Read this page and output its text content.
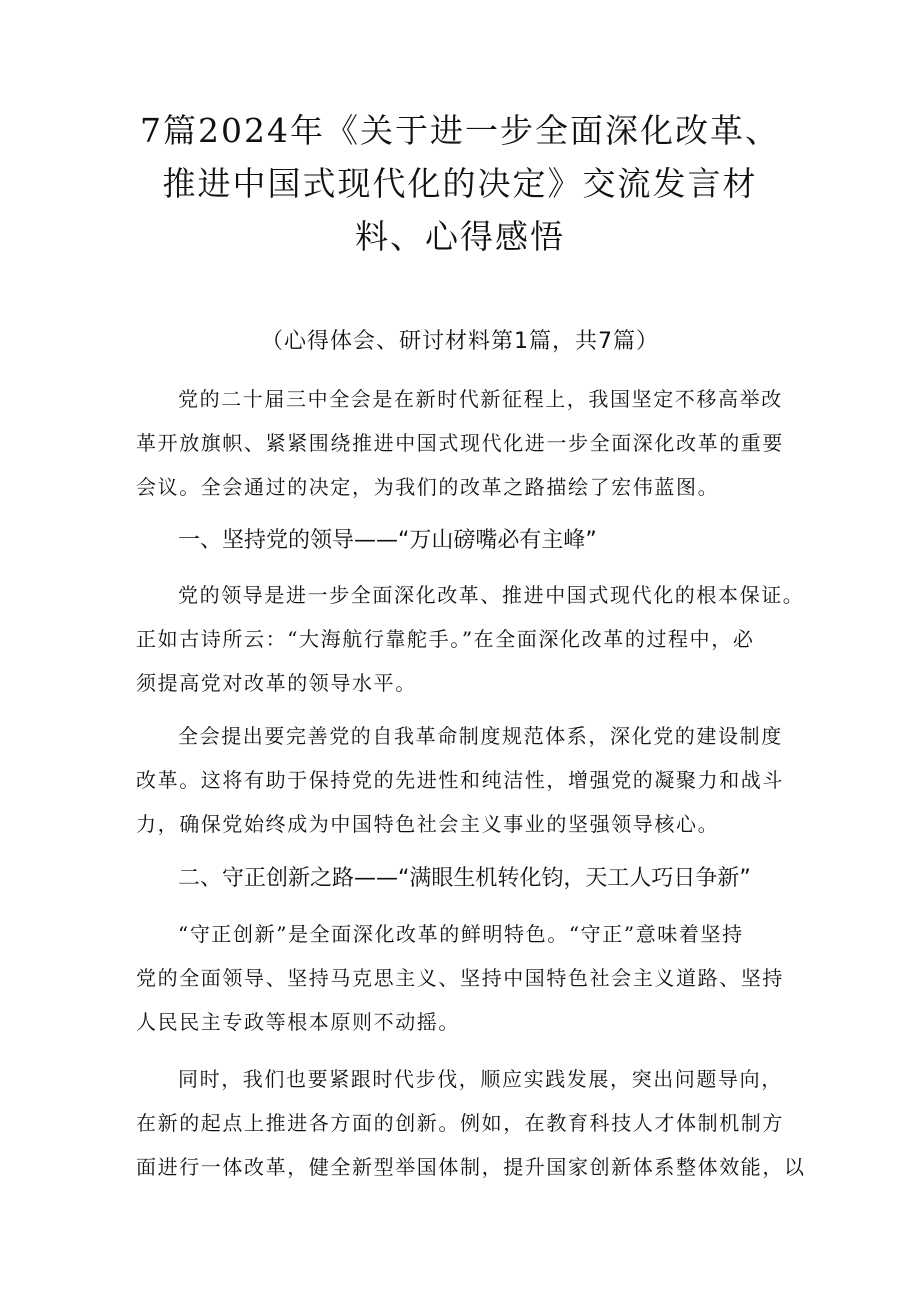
7篇2024年《关于进一步全面深化改革、
推进中国式现代化的决定》交流发言材
料、心得感悟
（心得体会、研讨材料第1篇，共7篇）

党的二十届三中全会是在新时代新征程上，我国坚定不移高举改
革开放旗帜、紧紧围绕推进中国式现代化进一步全面深化改革的重要
会议。全会通过的决定，为我们的改革之路描绘了宏伟蓝图。

一、坚持党的领导——“万山磅嘴必有主峰”

党的领导是进一步全面深化改革、推进中国式现代化的根本保证。
正如古诗所云：“大海航行靠舵手。”在全面深化改革的过程中，必
须提高党对改革的领导水平。

全会提出要完善党的自我革命制度规范体系，深化党的建设制度
改革。这将有助于保持党的先进性和纯洁性，增强党的凝聚力和战斗
力，确保党始终成为中国特色社会主义事业的坚强领导核心。

二、守正创新之路——“满眼生机转化钧，天工人巧日争新”

“守正创新”是全面深化改革的鲜明特色。“守正”意味着坚持
党的全面领导、坚持马克思主义、坚持中国特色社会主义道路、坚持
人民民主专政等根本原则不动摇。

同时，我们也要紧跟时代步伐，顺应实践发展，突出问题导向，
在新的起点上推进各方面的创新。例如，在教育科技人才体制机制方
面进行一体改革，健全新型举国体制，提升国家创新体系整体效能，以
